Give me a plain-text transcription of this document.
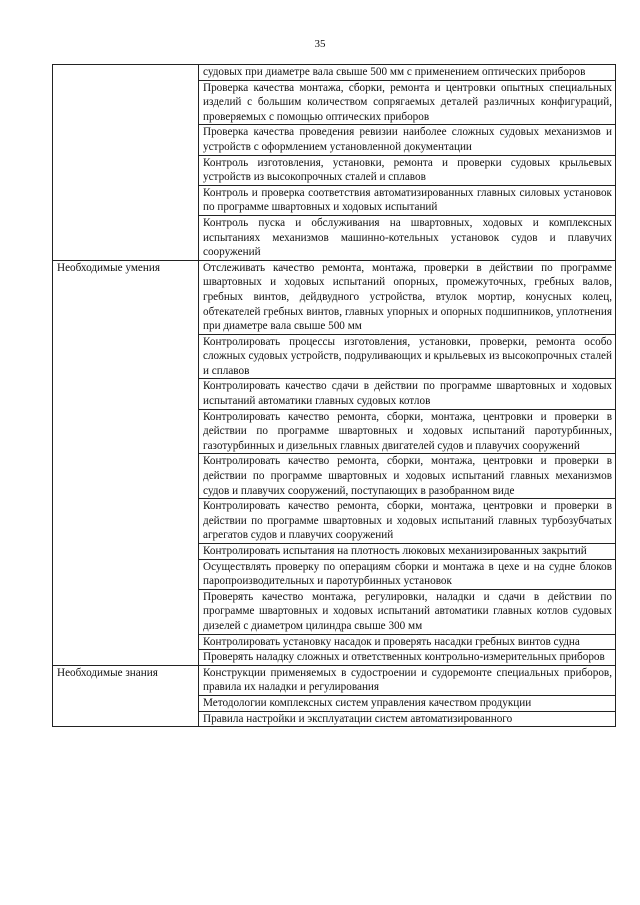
35
	судовых при диаметре вала свыше 500 мм с применением оптических приборов
	Проверка качества монтажа, сборки, ремонта и центровки опытных специальных изделий с большим количеством сопрягаемых деталей различных конфигураций, проверяемых с помощью оптических приборов
	Проверка качества проведения ревизии наиболее сложных судовых механизмов и устройств с оформлением установленной документации
	Контроль изготовления, установки, ремонта и проверки судовых крыльевых устройств из высокопрочных сталей и сплавов
	Контроль и проверка соответствия автоматизированных главных силовых установок по программе швартовных и ходовых испытаний
	Контроль пуска и обслуживания на швартовных, ходовых и комплексных испытаниях механизмов машинно-котельных установок судов и плавучих сооружений
Необходимые умения	Отслеживать качество ремонта, монтажа, проверки в действии по программе швартовных и ходовых испытаний опорных, промежуточных, гребных валов, гребных винтов, дейдвудного устройства, втулок мортир, конусных колец, обтекателей гребных винтов, главных упорных и опорных подшипников, уплотнения при диаметре вала свыше 500 мм
	Контролировать процессы изготовления, установки, проверки, ремонта особо сложных судовых устройств, подруливающих и крыльевых из высокопрочных сталей и сплавов
	Контролировать качество сдачи в действии по программе швартовных и ходовых испытаний автоматики главных судовых котлов
	Контролировать качество ремонта, сборки, монтажа, центровки и проверки в действии по программе швартовных и ходовых испытаний паротурбинных, газотурбинных и дизельных главных двигателей судов и плавучих сооружений
	Контролировать качество ремонта, сборки, монтажа, центровки и проверки в действии по программе швартовных и ходовых испытаний главных механизмов судов и плавучих сооружений, поступающих в разобранном виде
	Контролировать качество ремонта, сборки, монтажа, центровки и проверки в действии по программе швартовных и ходовых испытаний главных турбозубчатых агрегатов судов и плавучих сооружений
	Контролировать испытания на плотность люковых механизированных закрытий
	Осуществлять проверку по операциям сборки и монтажа в цехе и на судне блоков паропроизводительных и паротурбинных установок
	Проверять качество монтажа, регулировки, наладки и сдачи в действии по программе швартовных и ходовых испытаний автоматики главных котлов судовых дизелей с диаметром цилиндра свыше 300 мм
	Контролировать установку насадок и проверять насадки гребных винтов судна
	Проверять наладку сложных и ответственных контрольно-измерительных приборов
Необходимые знания	Конструкции применяемых в судостроении и судоремонте специальных приборов, правила их наладки и регулирования
	Методологии комплексных систем управления качеством продукции
	Правила настройки и эксплуатации систем автоматизированного
